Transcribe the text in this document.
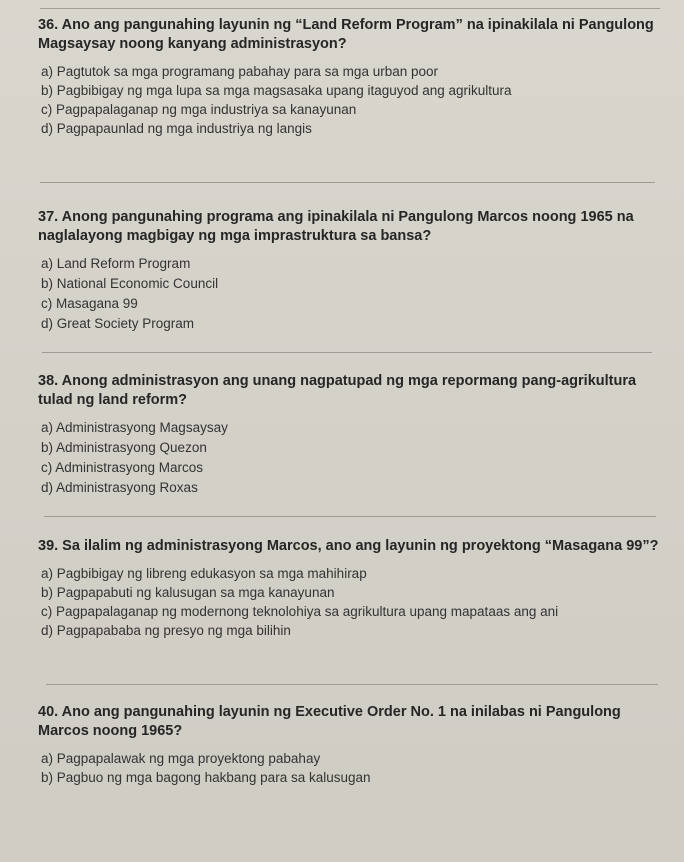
36. Ano ang pangunahing layunin ng “Land Reform Program” na ipinakilala ni Pangulong Magsaysay noong kanyang administrasyon?

a) Pagtutok sa mga programang pabahay para sa mga urban poor
b) Pagbibigay ng mga lupa sa mga magsasaka upang itaguyod ang agrikultura
c) Pagpapalaganap ng mga industriya sa kanayunan
d) Pagpapaunlad ng mga industriya ng langis

37. Anong pangunahing programa ang ipinakilala ni Pangulong Marcos noong 1965 na naglalayong magbigay ng mga imprastruktura sa bansa?

a) Land Reform Program
b) National Economic Council
c) Masagana 99
d) Great Society Program

38. Anong administrasyon ang unang nagpatupad ng mga repormang pang-agrikultura tulad ng land reform?

a) Administrasyong Magsaysay
b) Administrasyong Quezon
c) Administrasyong Marcos
d) Administrasyong Roxas

39. Sa ilalim ng administrasyong Marcos, ano ang layunin ng proyektong “Masagana 99”?

a) Pagbibigay ng libreng edukasyon sa mga mahihirap
b) Pagpapabuti ng kalusugan sa mga kanayunan
c) Pagpapalaganap ng modernong teknolohiya sa agrikultura upang mapataas ang ani
d) Pagpapababa ng presyo ng mga bilihin

40. Ano ang pangunahing layunin ng Executive Order No. 1 na inilabas ni Pangulong Marcos noong 1965?

a) Pagpapalawak ng mga proyektong pabahay
b) Pagbuo ng mga bagong hakbang para sa kalusugan
